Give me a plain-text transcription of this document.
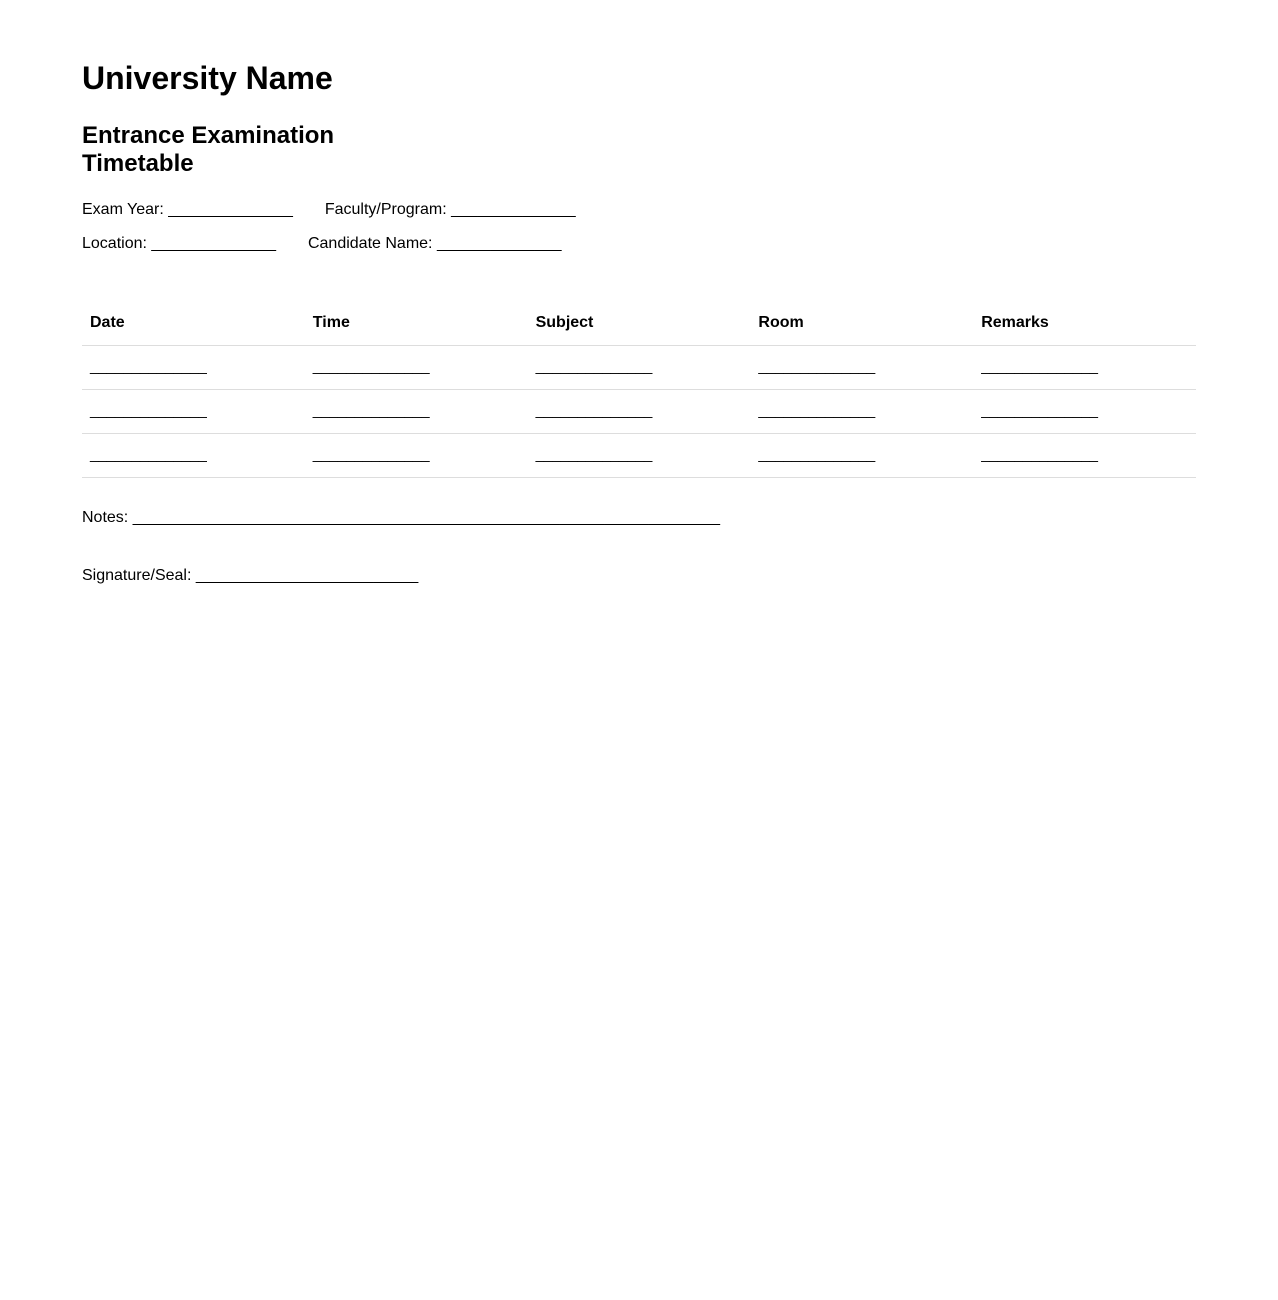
University Name
Entrance Examination Timetable
Exam Year: ______________ Faculty/Program: ______________
Location: ______________ Candidate Name: ______________
Date	Time	Subject	Room	Remarks
______________	______________	______________	______________	______________
______________	______________	______________	______________	______________
______________	______________	______________	______________	______________
Notes: __________________________________________________________________
Signature/Seal: _________________________
